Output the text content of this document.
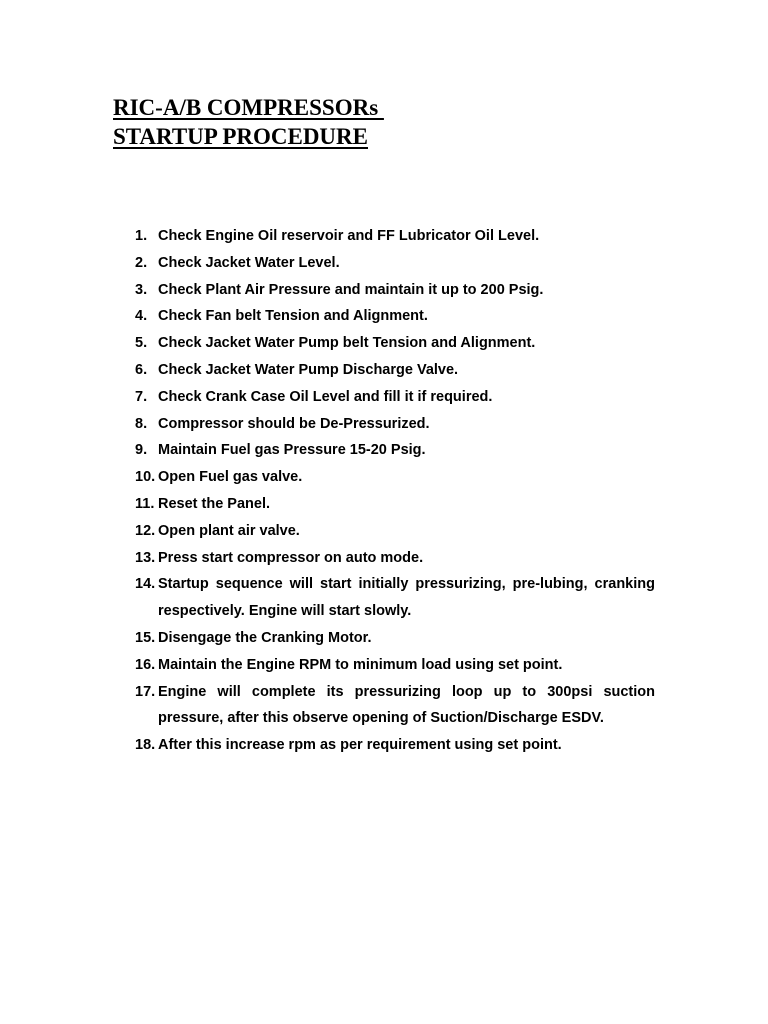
RIC-A/B COMPRESSORs
STARTUP PROCEDURE
1. Check Engine Oil reservoir and FF Lubricator Oil Level.
2. Check Jacket Water Level.
3. Check Plant Air Pressure and maintain it up to 200 Psig.
4. Check Fan belt Tension and Alignment.
5. Check Jacket Water Pump belt Tension and Alignment.
6. Check Jacket Water Pump Discharge Valve.
7. Check Crank Case Oil Level and fill it if required.
8. Compressor should be De-Pressurized.
9. Maintain Fuel gas Pressure 15-20 Psig.
10. Open Fuel gas valve.
11. Reset the Panel.
12. Open plant air valve.
13. Press start compressor on auto mode.
14. Startup sequence will start initially pressurizing, pre-lubing, cranking respectively. Engine will start slowly.
15. Disengage the Cranking Motor.
16. Maintain the Engine RPM to minimum load using set point.
17. Engine will complete its pressurizing loop up to 300psi suction pressure, after this observe opening of Suction/Discharge ESDV.
18. After this increase rpm as per requirement using set point.
